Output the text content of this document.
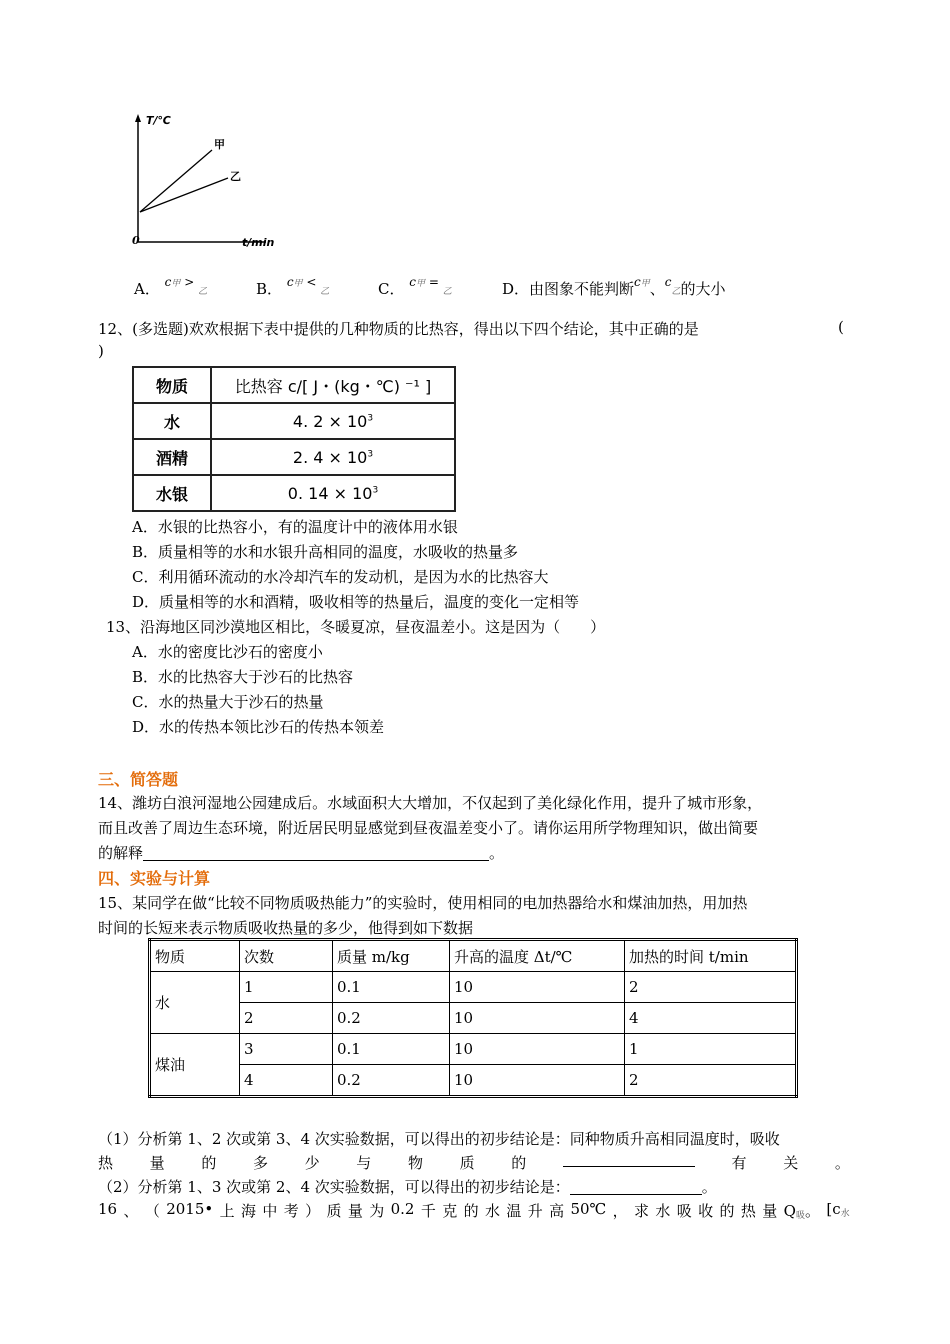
T/℃
t/min
0
甲
乙
A． $^{c甲 > _乙}$	B． $^{c甲 < _乙}$	C． $^{c甲 = _乙}$	D．由图象不能判断$^{c甲}$、$^{c_乙}$的大小
12、(多选题)欢欢根据下表中提供的几种物质的比热容，得出以下四个结论，其中正确的是	(
)
物质	比热容 c/[ J・(kg・℃) ⁻¹ ]
水	4. $2 \times 10^3$
酒精	2. $4 \times 10^3$
水银	0. $14 \times 10^3$
A．水银的比热容小，有的温度计中的液体用水银
B．质量相等的水和水银升高相同的温度，水吸收的热量多
C．利用循环流动的水冷却汽车的发动机，是因为水的比热容大
D．质量相等的水和酒精，吸收相等的热量后，温度的变化一定相等
13、沿海地区同沙漠地区相比，冬暖夏凉，昼夜温差小。这是因为（　　）
A．水的密度比沙石的密度小
B．水的比热容大于沙石的比热容
C．水的热量大于沙石的热量
D．水的传热本领比沙石的传热本领差
三、简答题
14、潍坊白浪河湿地公园建成后。水域面积大大增加，不仅起到了美化绿化作用，提升了城市形象，
而且改善了周边生态环境，附近居民明显感觉到昼夜温差变小了。请你运用所学物理知识，做出简要
的解释	。
四、实验与计算
15、某同学在做“比较不同物质吸热能力”的实验时，使用相同的电加热器给水和煤油加热，用加热
时间的长短来表示物质吸收热量的多少，他得到如下数据
物质	次数	质量 m/kg	升高的温度 Δt/℃	加热的时间 t/min
水	1	0.1	10	2
	2	0.2	10	4
煤油	3	0.1	10	1
	4	0.2	10	2
（1）分析第 1、2 次或第 3、4 次实验数据，可以得出的初步结论是：同种物质升高相同温度时，吸收
热 量 的 多 少 与 物 质 的	有 关 。
（2）分析第 1、3 次或第 2、4 次实验数据，可以得出的初步结论是：	。
16 、 （ 2015• 上 海 中 考 ） 质 量 为 0.2 千 克 的 水 温 升 高 50℃ ， 求 水 吸 收 的 热 量 $Q_吸$。 [$c_水$
